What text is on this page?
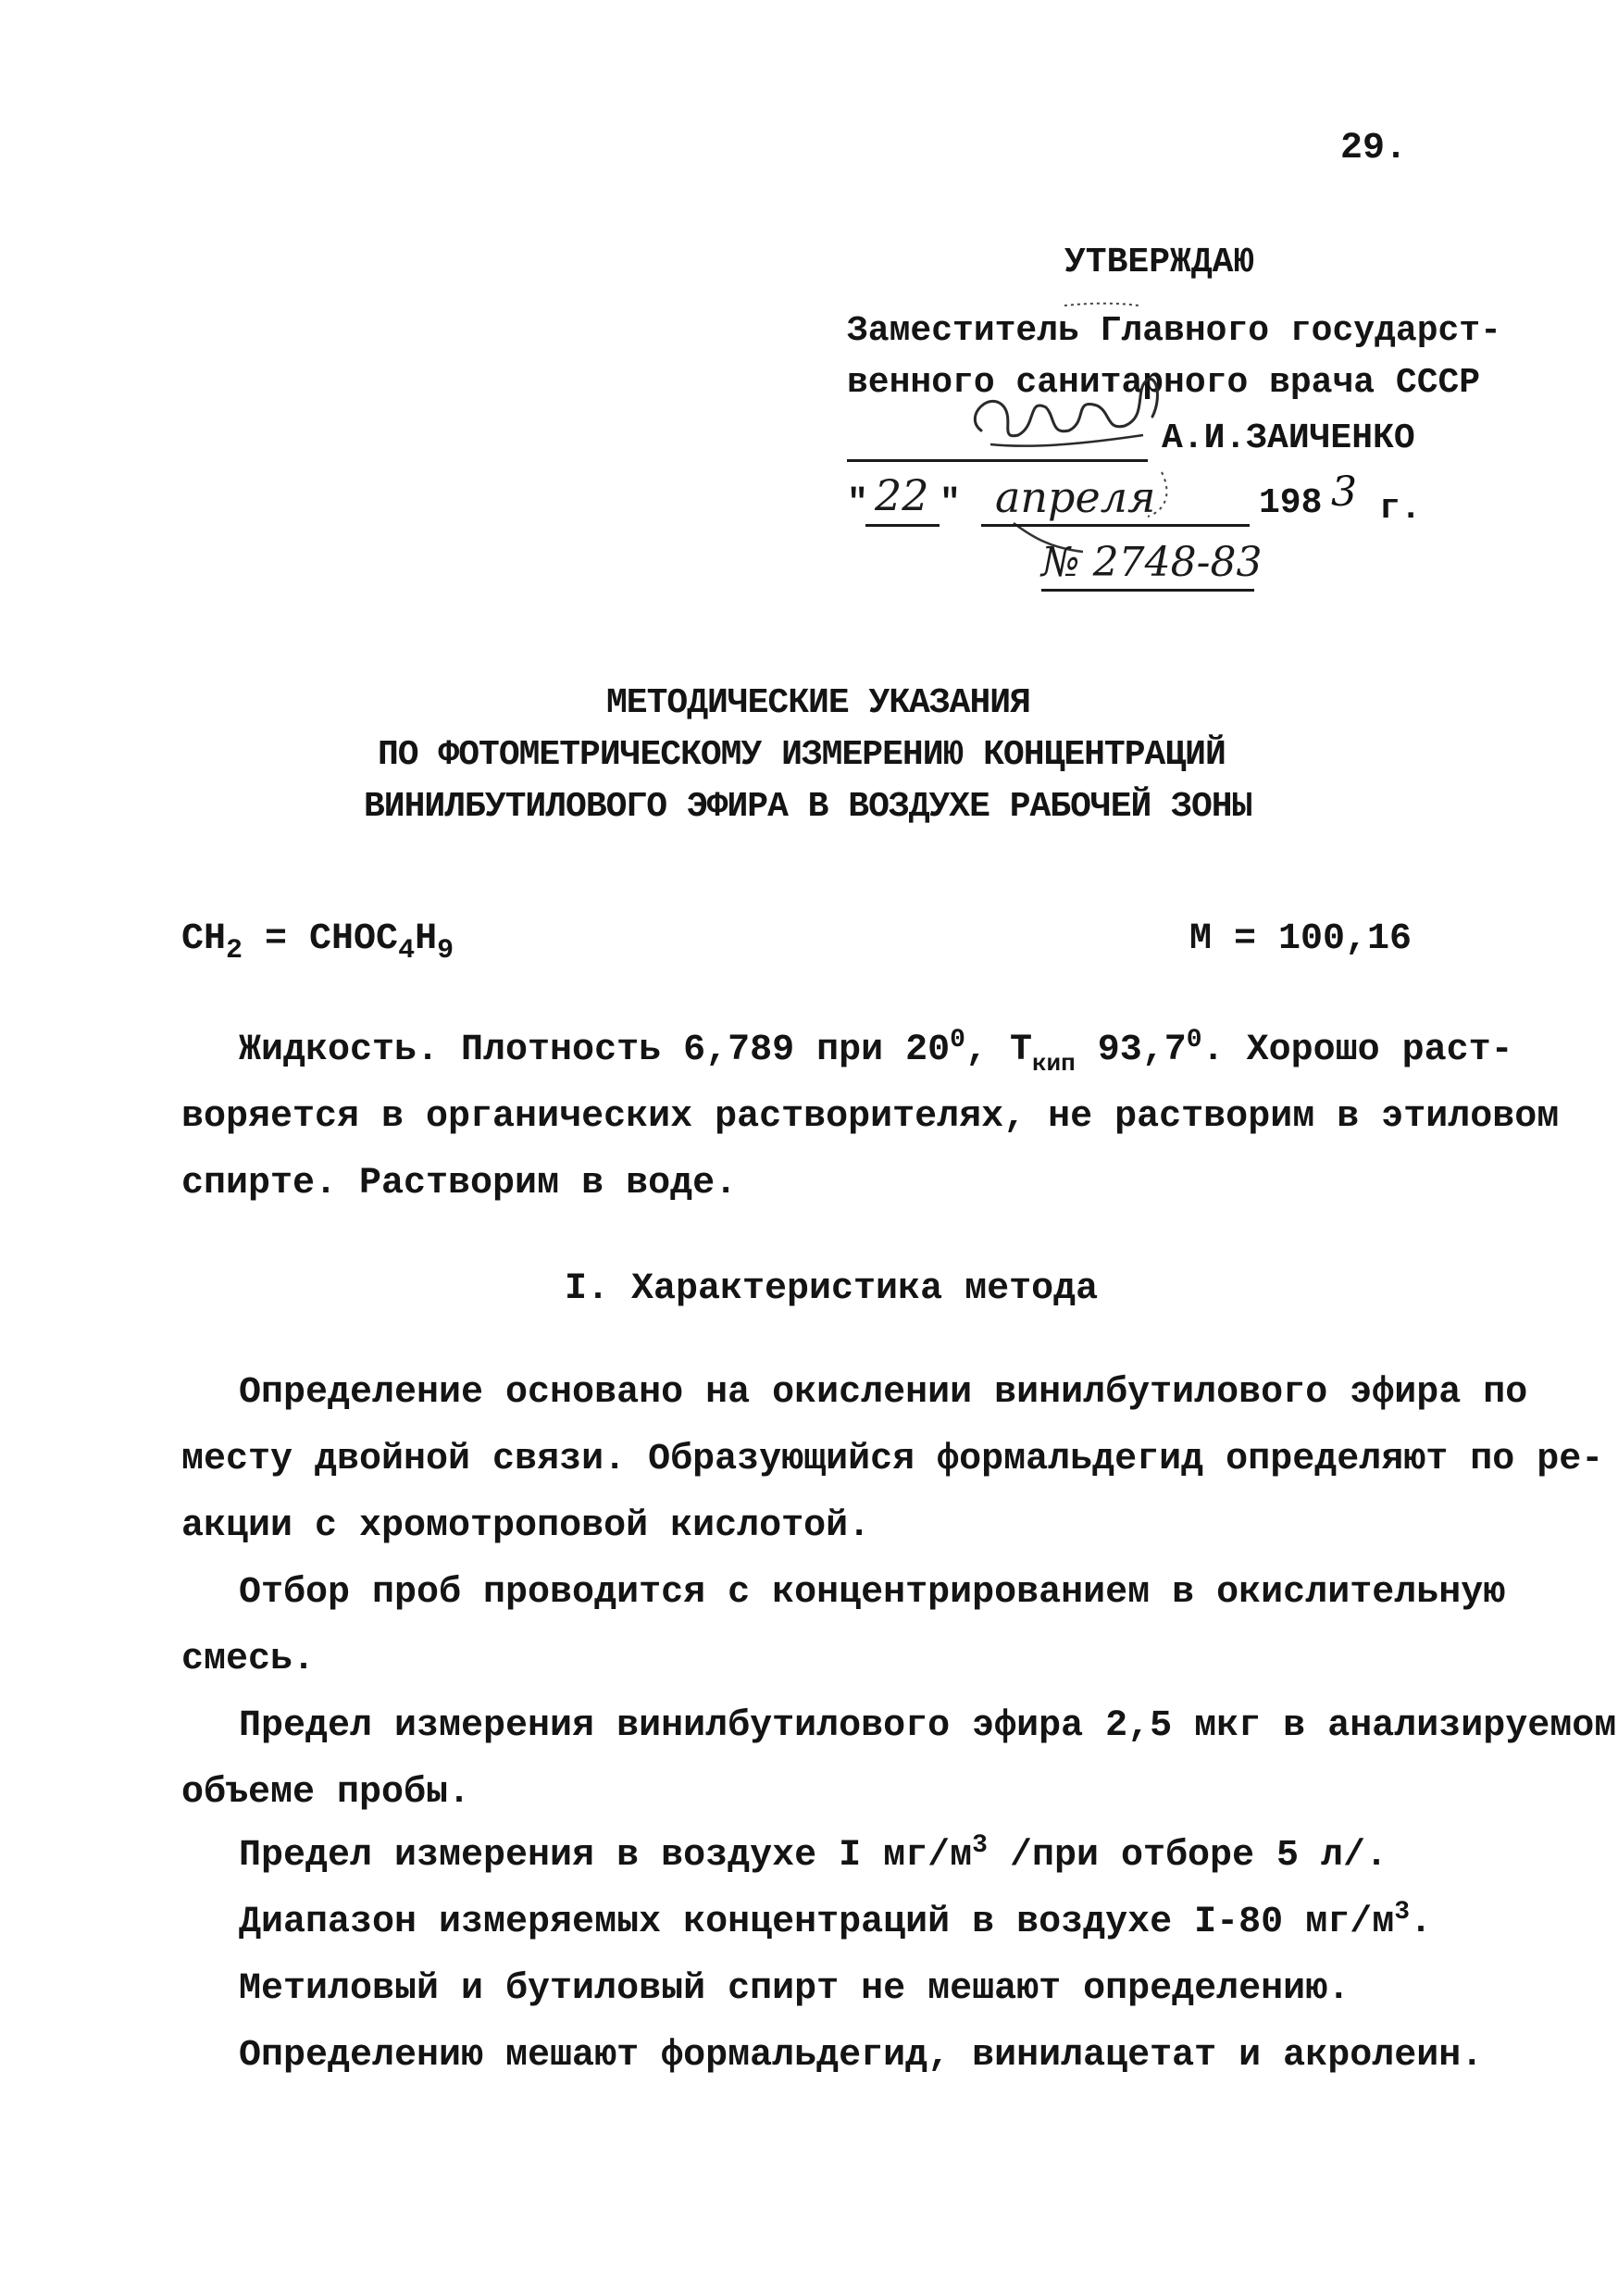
29.
УТВЕРЖДАЮ
Заместитель Главного государст-
венного санитарного врача СССР
А.И.ЗАИЧЕНКО
" 22 " апреля	198 3 г.
№ 2748-83
МЕТОДИЧЕСКИЕ УКАЗАНИЯ
ПО ФОТОМЕТРИЧЕСКОМУ ИЗМЕРЕНИЮ КОНЦЕНТРАЦИЙ
ВИНИЛБУТИЛОВОГО ЭФИРА В ВОЗДУХЕ РАБОЧЕЙ ЗОНЫ
$CH_2$ = $CHOC_4H_9$	М = 100,16
Жидкость. Плотность 6,789 при $20^0$, $Т_{кип}$ 93,7$^0$. Хорошо раст-
воряется в органических растворителях, не растворим в этиловом
спирте. Растворим в воде.
I. Характеристика метода
Определение основано на окислении винилбутилового эфира по
месту двойной связи. Образующийся формальдегид определяют по ре-
акции с хромотроповой кислотой.
Отбор проб проводится с концентрированием в окислительную
смесь.
Предел измерения винилбутилового эфира 2,5 мкг в анализируемом
объеме пробы.
Предел измерения в воздухе I $мг/м^3$ /при отборе 5 л/.
Диапазон измеряемых концентраций в воздухе I-80 $мг/м^3$.
Метиловый и бутиловый спирт не мешают определению.
Определению мешают формальдегид, винилацетат и акролеин.
